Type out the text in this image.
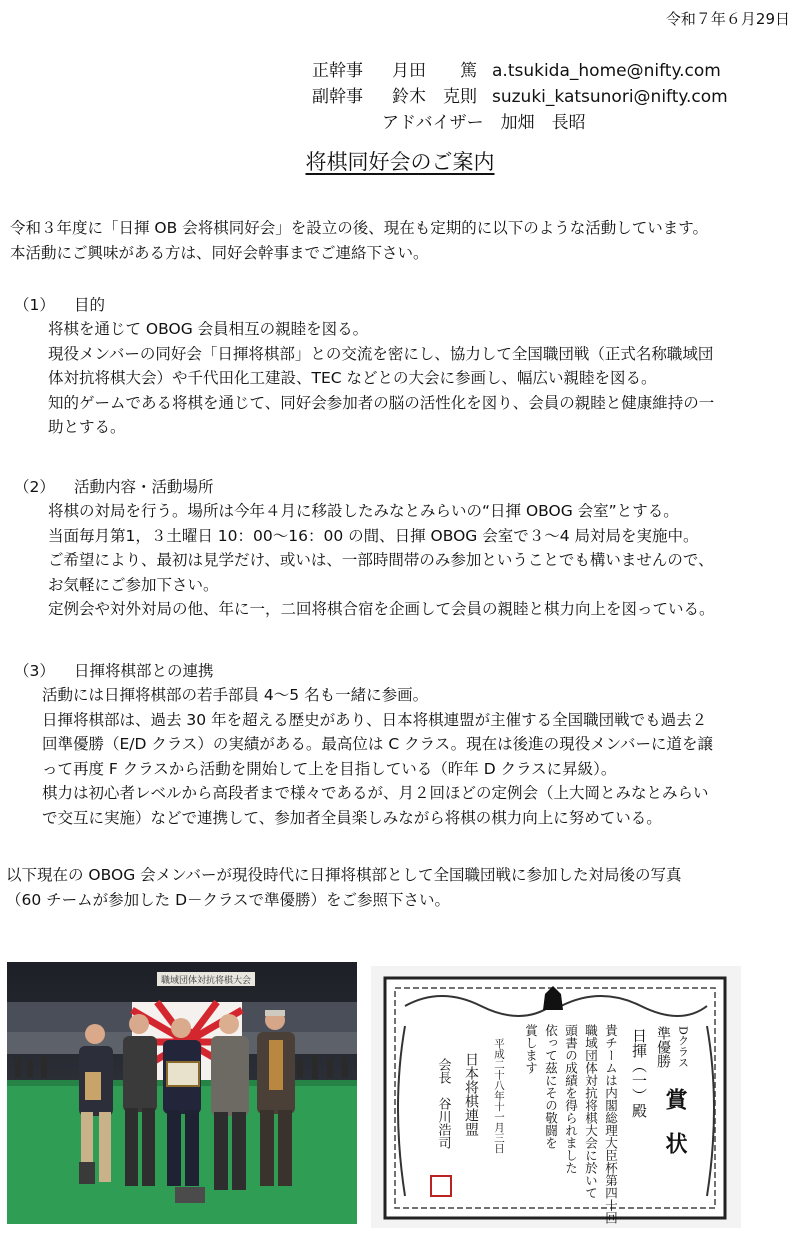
令和７年６月29日
正幹事 月田　　篤 a.tsukida_home@nifty.com
副幹事 鈴木　克則 suzuki_katsunori@nifty.com
アドバイザー　加畑　長昭
将棋同好会のご案内
令和３年度に「日揮 OB 会将棋同好会」を設立の後、現在も定期的に以下のような活動しています。
本活動にご興味がある方は、同好会幹事までご連絡下さい。
（1） 目的
将棋を通じて OBOG 会員相互の親睦を図る。
現役メンバーの同好会「日揮将棋部」との交流を密にし、協力して全国職団戦（正式名称職域団
体対抗将棋大会）や千代田化工建設、TEC などとの大会に参画し、幅広い親睦を図る。
知的ゲームである将棋を通じて、同好会参加者の脳の活性化を図り、会員の親睦と健康維持の一
助とする。
（2） 活動内容・活動場所
将棋の対局を行う。場所は今年４月に移設したみなとみらいの“日揮 OBOG 会室”とする。
当面毎月第1，３土曜日 10：00～16：00 の間、日揮 OBOG 会室で３～4 局対局を実施中。
ご希望により、最初は見学だけ、或いは、一部時間帯のみ参加ということでも構いませんので、
お気軽にご参加下さい。
定例会や対外対局の他、年に一，二回将棋合宿を企画して会員の親睦と棋力向上を図っている。
（3） 日揮将棋部との連携
活動には日揮将棋部の若手部員 4～5 名も一緒に参画。
日揮将棋部は、過去 30 年を超える歴史があり、日本将棋連盟が主催する全国職団戦でも過去２
回準優勝（E/D クラス）の実績がある。最高位は C クラス。現在は後進の現役メンバーに道を譲
って再度 F クラスから活動を開始して上を目指している（昨年 D クラスに昇級）。
棋力は初心者レベルから高段者まで様々であるが、月２回ほどの定例会（上大岡とみなとみらい
で交互に実施）などで連携して、参加者全員楽しみながら将棋の棋力向上に努めている。
以下現在の OBOG 会メンバーが現役時代に日揮将棋部として全国職団戦に参加した対局後の写真
（60 チームが参加した D－クラスで準優勝）をご参照下さい。
職域団体対抗将棋大会
Dクラス
準優勝
賞　状
日揮（一）殿
貴チームは内閣総理大臣杯第四十回
職域団体対抗将棋大会に於いて
頭書の成績を得られました
依って茲にその敬闘を
賞します
平成二十八年十一月三日
日本将棋連盟
会長　谷川浩司
